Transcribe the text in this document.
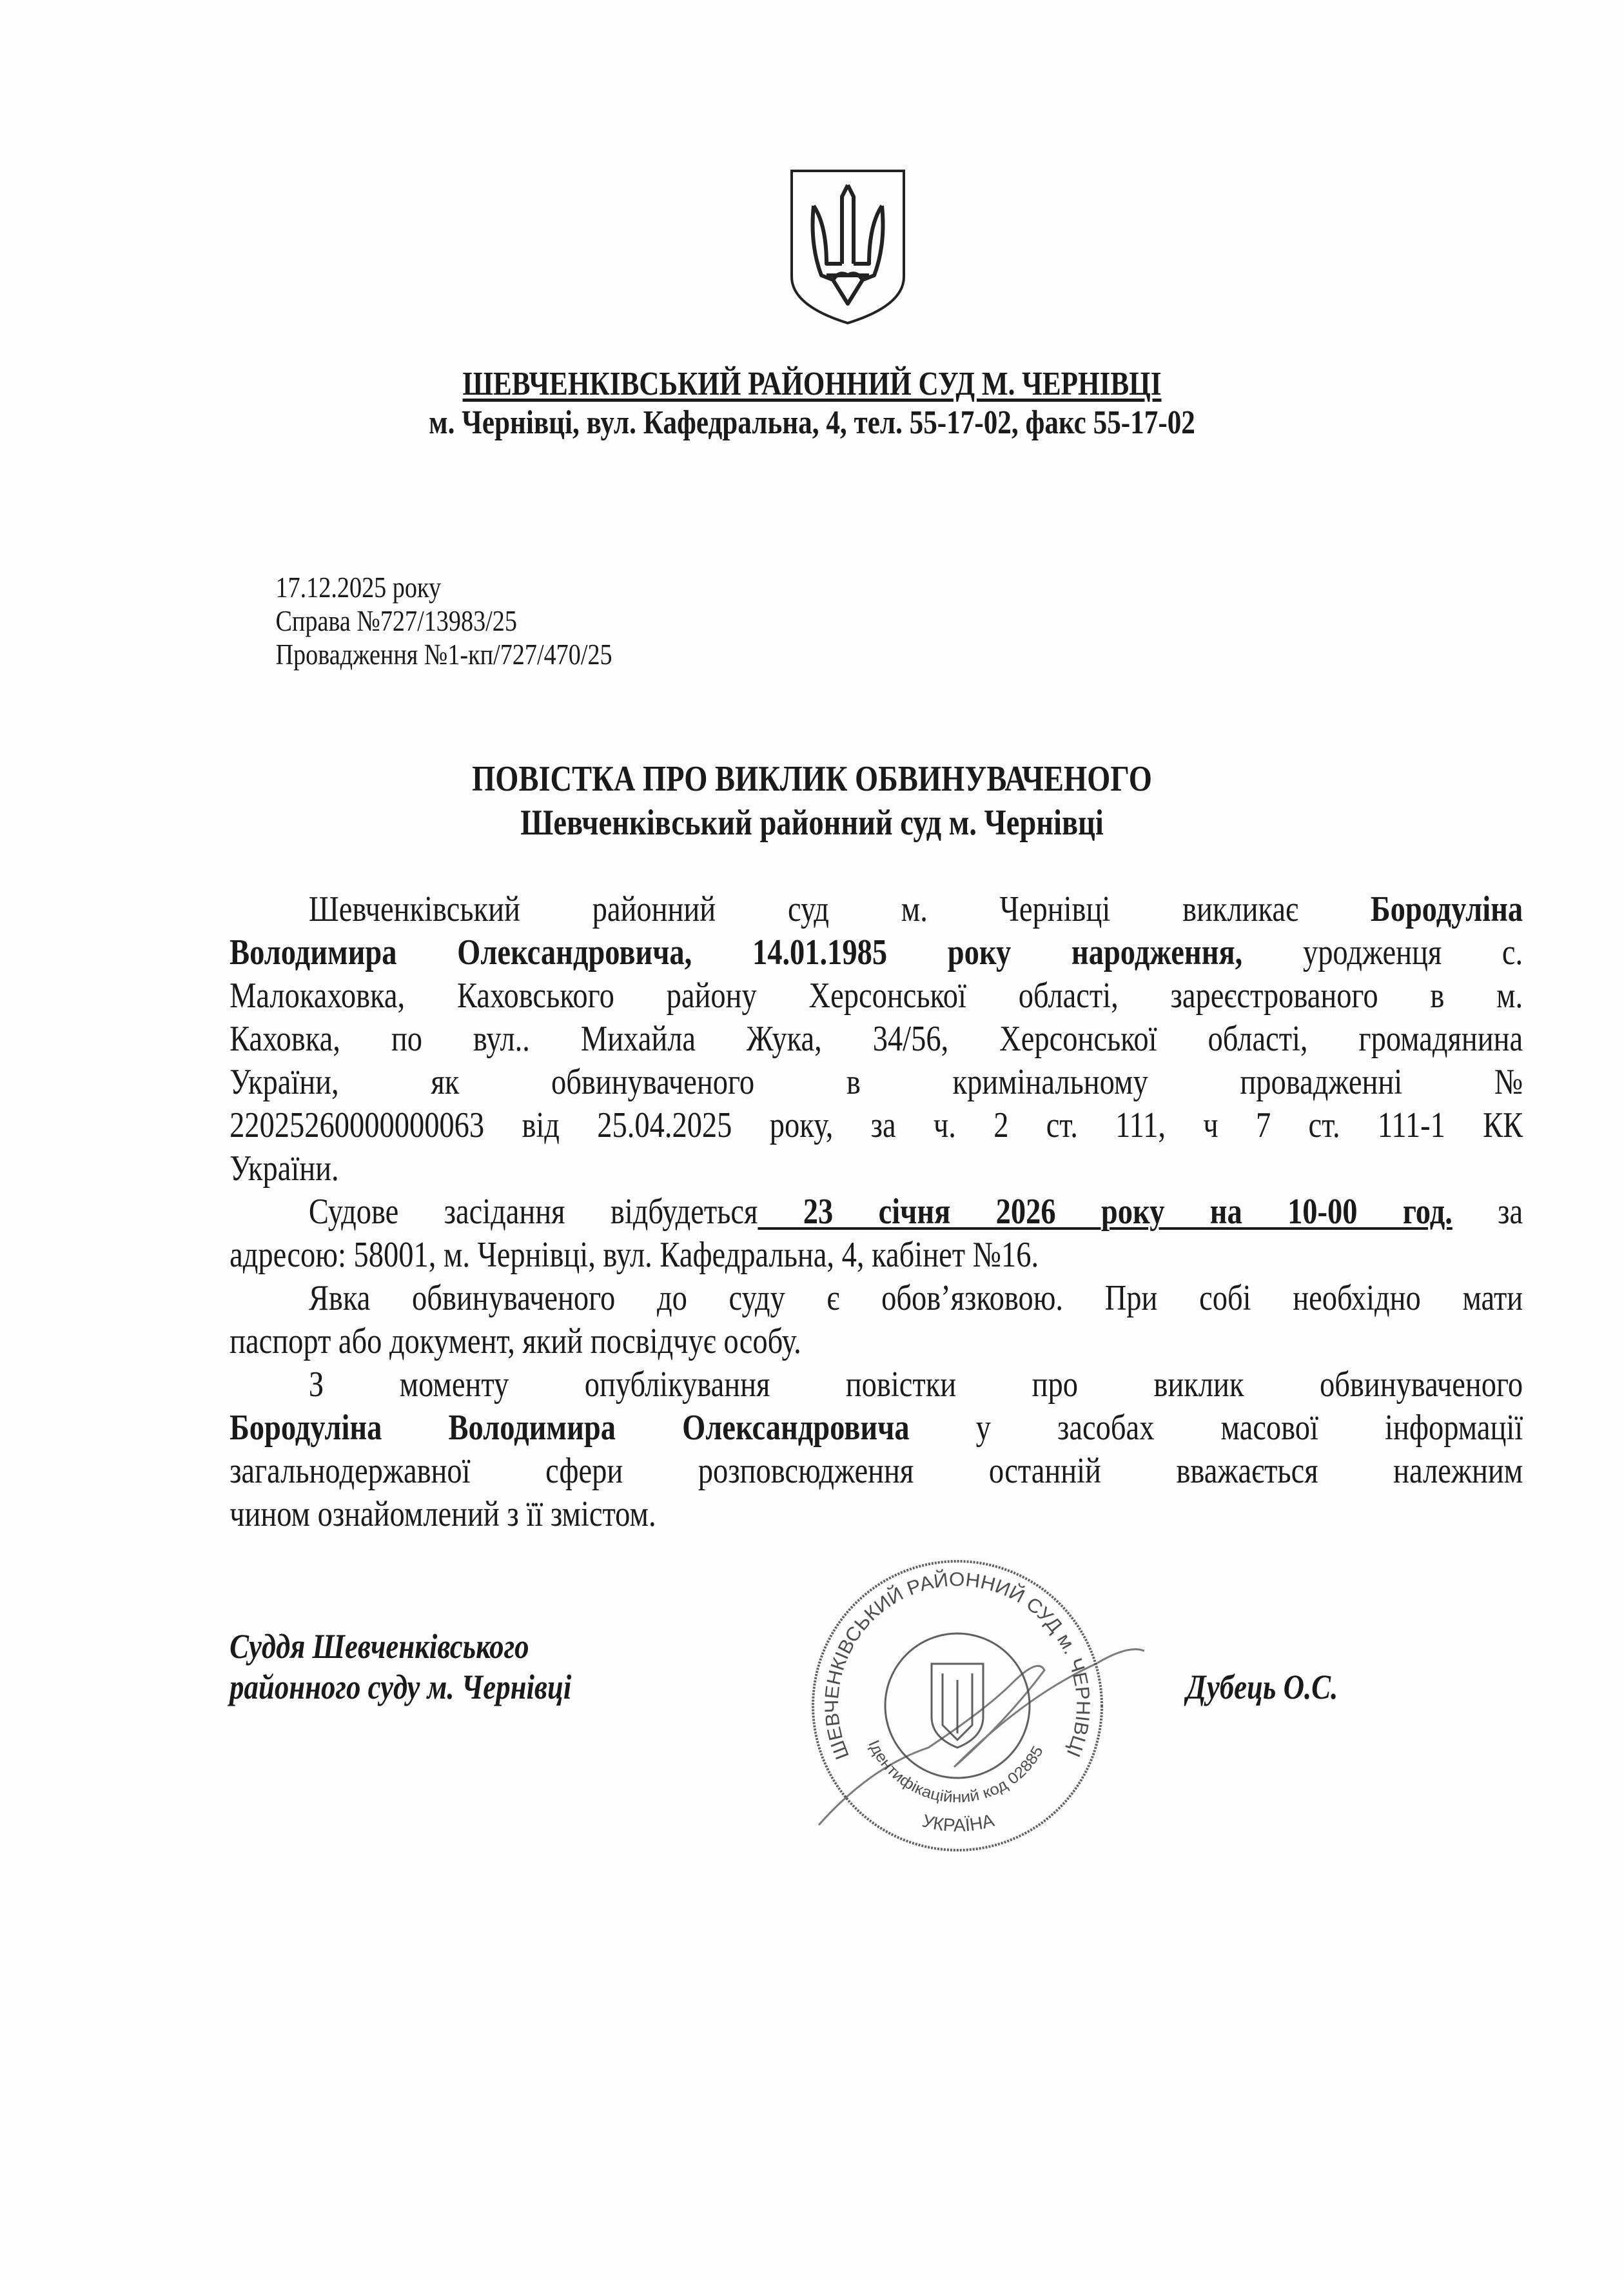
ШЕВЧЕНКІВСЬКИЙ РАЙОННИЙ СУД М. ЧЕРНІВЦІ
м. Чернівці, вул. Кафедральна, 4, тел. 55-17-02, факс 55-17-02
17.12.2025 року
Справа №727/13983/25
Провадження №1-кп/727/470/25
ПОВІСТКА ПРО ВИКЛИК ОБВИНУВАЧЕНОГО
Шевченківський районний суд м. Чернівці
Шевченківський районний суд м. Чернівці викликає Бородуліна
Володимира Олександровича, 14.01.1985 року народження, уродженця с.
Малокаховка, Каховського району Херсонської області, зареєстрованого в м.
Каховка, по вул.. Михайла Жука, 34/56, Херсонської області, громадянина
України, як обвинуваченого в кримінальному провадженні №
22025260000000063 від 25.04.2025 року, за ч. 2 ст. 111, ч 7 ст. 111-1 КК
України.
Судове засідання відбудеться 23 січня 2026 року на 10-00 год. за
адресою: 58001, м. Чернівці, вул. Кафедральна, 4, кабінет №16.
Явка обвинуваченого до суду є обов’язковою. При собі необхідно мати
паспорт або документ, який посвідчує особу.
З моменту опублікування повістки про виклик обвинуваченого
Бородуліна Володимира Олександровича у засобах масової інформації
загальнодержавної сфери розповсюдження останній вважається належним
чином ознайомлений з її змістом.
Суддя Шевченківського
районного суду м. Чернівці	Дубець О.С.
ШЕВЧЕНКІВСЬКИЙ РАЙОННИЙ СУД м. ЧЕРНІВЦІ
Ідентифікаційний код 02885
УКРАЇНА
